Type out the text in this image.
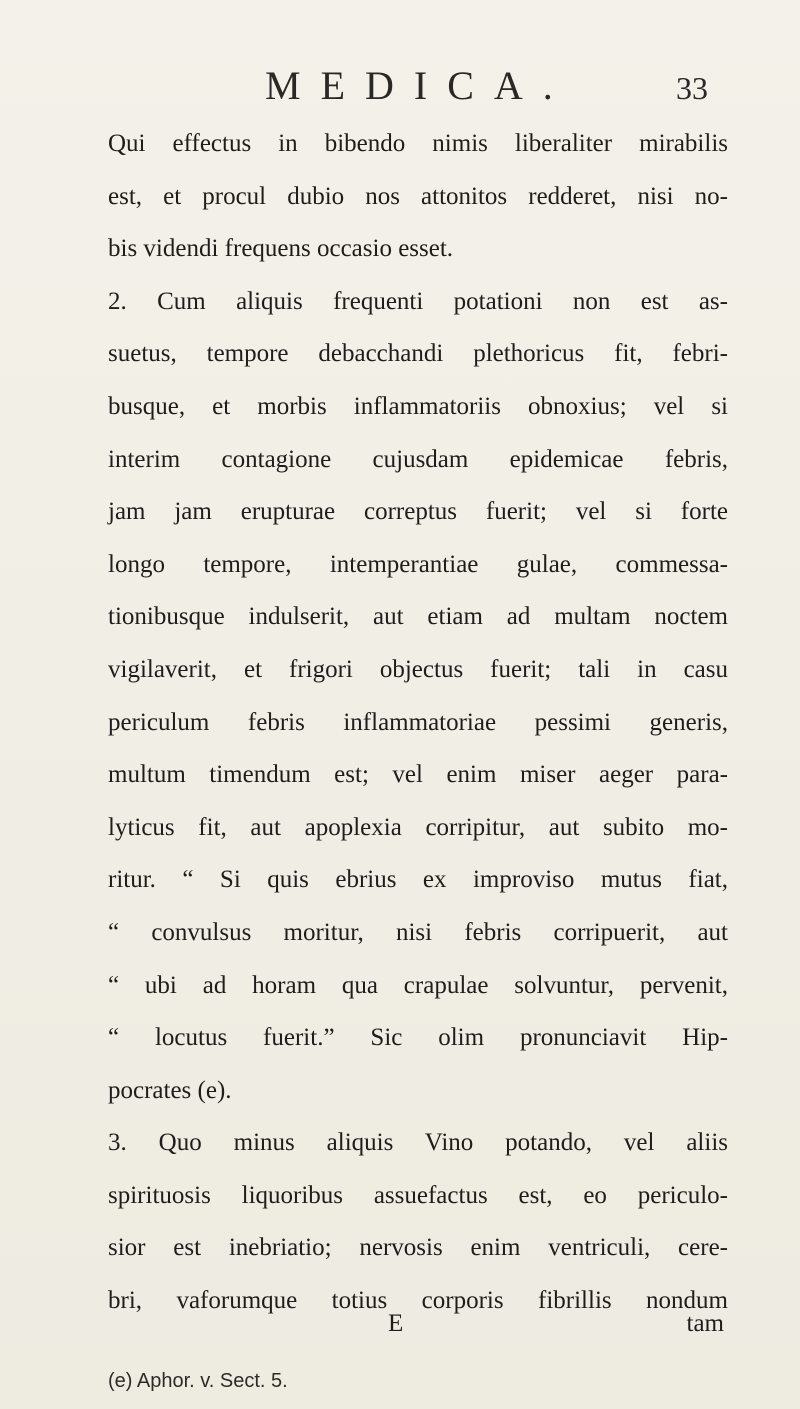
MEDICA.	33
Qui effectus in bibendo nimis liberaliter mirabilis
est, et procul dubio nos attonitos redderet, nisi no-
bis videndi frequens occasio esset.
2. Cum aliquis frequenti potationi non est as-
suetus, tempore debacchandi plethoricus fit, febri-
busque, et morbis inflammatoriis obnoxius; vel si
interim contagione cujusdam epidemicae febris,
jam jam erupturae correptus fuerit; vel si forte
longo tempore, intemperantiae gulae, commessa-
tionibusque indulserit, aut etiam ad multam noctem
vigilaverit, et frigori objectus fuerit; tali in casu
periculum febris inflammatoriae pessimi generis,
multum timendum est; vel enim miser aeger para-
lyticus fit, aut apoplexia corripitur, aut subito mo-
ritur. “ Si quis ebrius ex improviso mutus fiat,
“ convulsus moritur, nisi febris corripuerit, aut
“ ubi ad horam qua crapulae solvuntur, pervenit,
“ locutus fuerit.” Sic olim pronunciavit Hip-
pocrates (e).
3. Quo minus aliquis Vino potando, vel aliis
spirituosis liquoribus assuefactus est, eo periculo-
sior est inebriatio; nervosis enim ventriculi, cere-
bri, vaforumque totius corporis fibrillis nondum
E	tam
(e) Aphor. v. Sect. 5.
